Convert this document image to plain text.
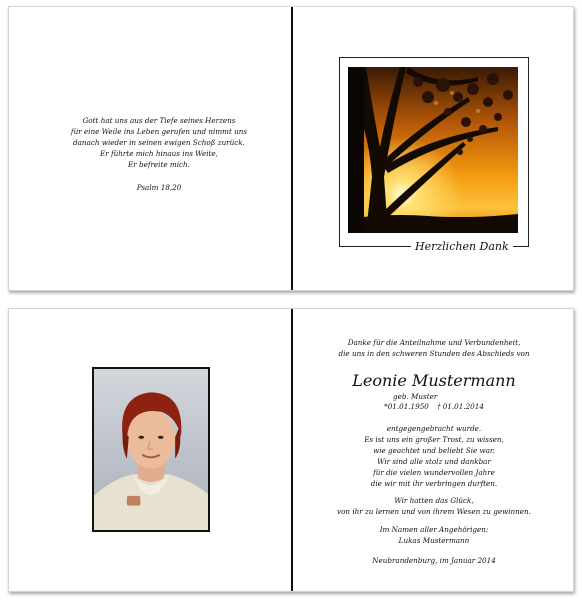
Gott hat uns aus der Tiefe seines Herzens
für eine Weile ins Leben gerufen und nimmt uns
danach wieder in seinen ewigen Schoß zurück.
Er führte mich hinaus ins Weite,
Er befreite mich.
Psalm 18,20
Herzlichen Dank
Danke für die Anteilnahme und Verbundenheit,
die uns in den schweren Stunden des Abschieds von
Leonie Mustermann
geb. Muster
*01.01.1950 † 01.01.2014
entgegengebracht wurde.
Es ist uns ein großer Trost, zu wissen,
wie geachtet und beliebt Sie war.
Wir sind alle stolz und dankbar
für die vielen wundervollen Jahre
die wir mit ihr verbringen durften.
Wir hatten das Glück,
von ihr zu lernen und von ihrem Wesen zu gewinnen.
Im Namen aller Angehörigen:
Lukas Mustermann
Neubrandenburg, im Januar 2014
